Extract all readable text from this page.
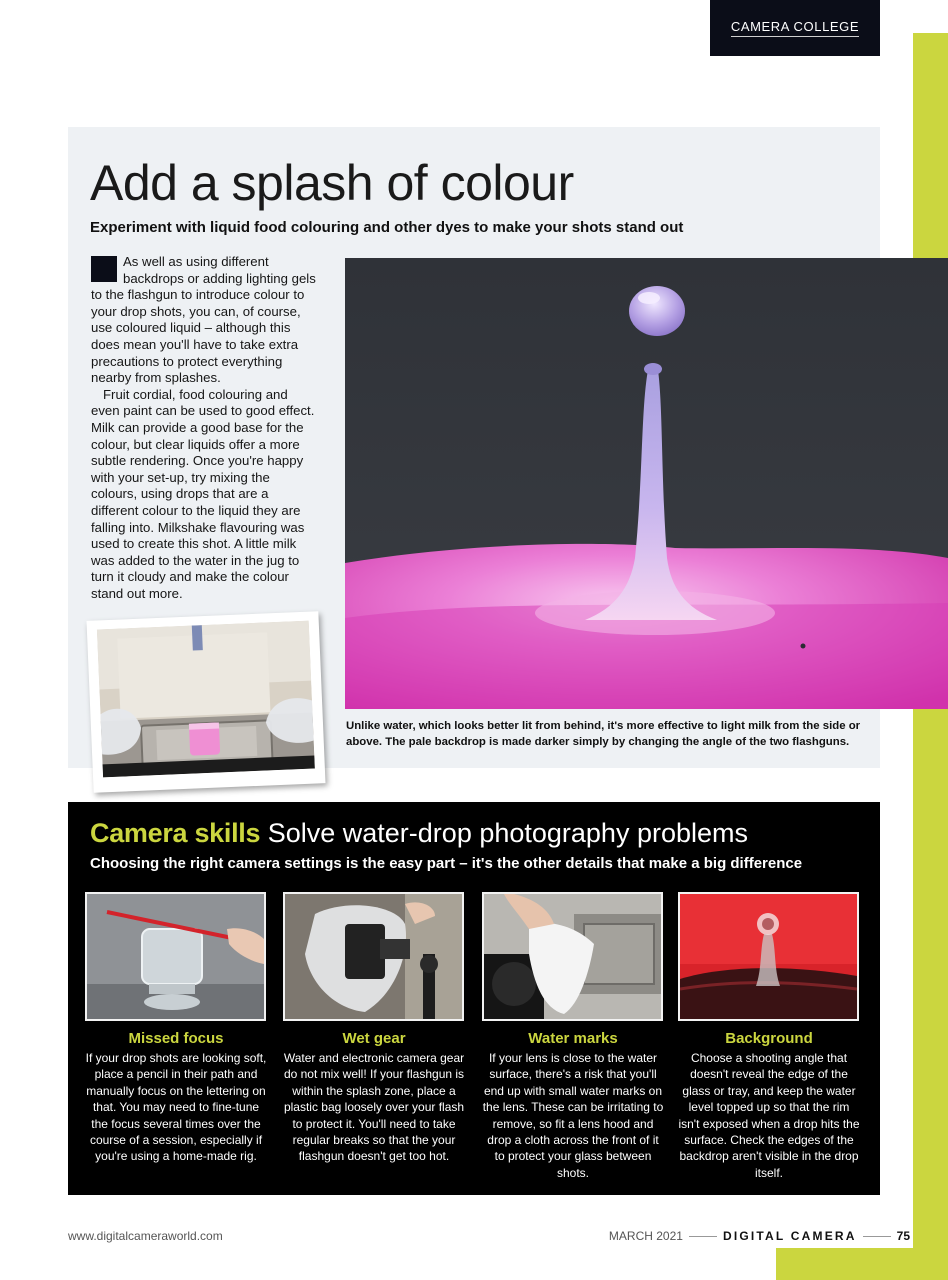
CAMERA COLLEGE
Add a splash of colour
Experiment with liquid food colouring and other dyes to make your shots stand out

As well as using different backdrops or adding lighting gels to the flashgun to introduce colour to your drop shots, you can, of course, use coloured liquid – although this does mean you'll have to take extra precautions to protect everything nearby from splashes.

Fruit cordial, food colouring and even paint can be used to good effect. Milk can provide a good base for the colour, but clear liquids offer a more subtle rendering. Once you're happy with your set-up, try mixing the colours, using drops that are a different colour to the liquid they are falling into. Milkshake flavouring was used to create this shot. A little milk was added to the water in the jug to turn it cloudy and make the colour stand out more.

Unlike water, which looks better lit from behind, it's more effective to light milk from the side or above. The pale backdrop is made darker simply by changing the angle of the two flashguns.
Camera skills Solve water-drop photography problems
Choosing the right camera settings is the easy part – it's the other details that make a big difference
Missed focus
If your drop shots are looking soft, place a pencil in their path and manually focus on the lettering on that. You may need to fine-tune the focus several times over the course of a session, especially if you're using a home-made rig.
Wet gear
Water and electronic camera gear do not mix well! If your flashgun is within the splash zone, place a plastic bag loosely over your flash to protect it. You'll need to take regular breaks so that the your flashgun doesn't get too hot.
Water marks
If your lens is close to the water surface, there's a risk that you'll end up with small water marks on the lens. These can be irritating to remove, so fit a lens hood and drop a cloth across the front of it to protect your glass between shots.
Background
Choose a shooting angle that doesn't reveal the edge of the glass or tray, and keep the water level topped up so that the rim isn't exposed when a drop hits the surface. Check the edges of the backdrop aren't visible in the drop itself.
www.digitalcameraworld.com	MARCH 2021	DIGITAL CAMERA	75
